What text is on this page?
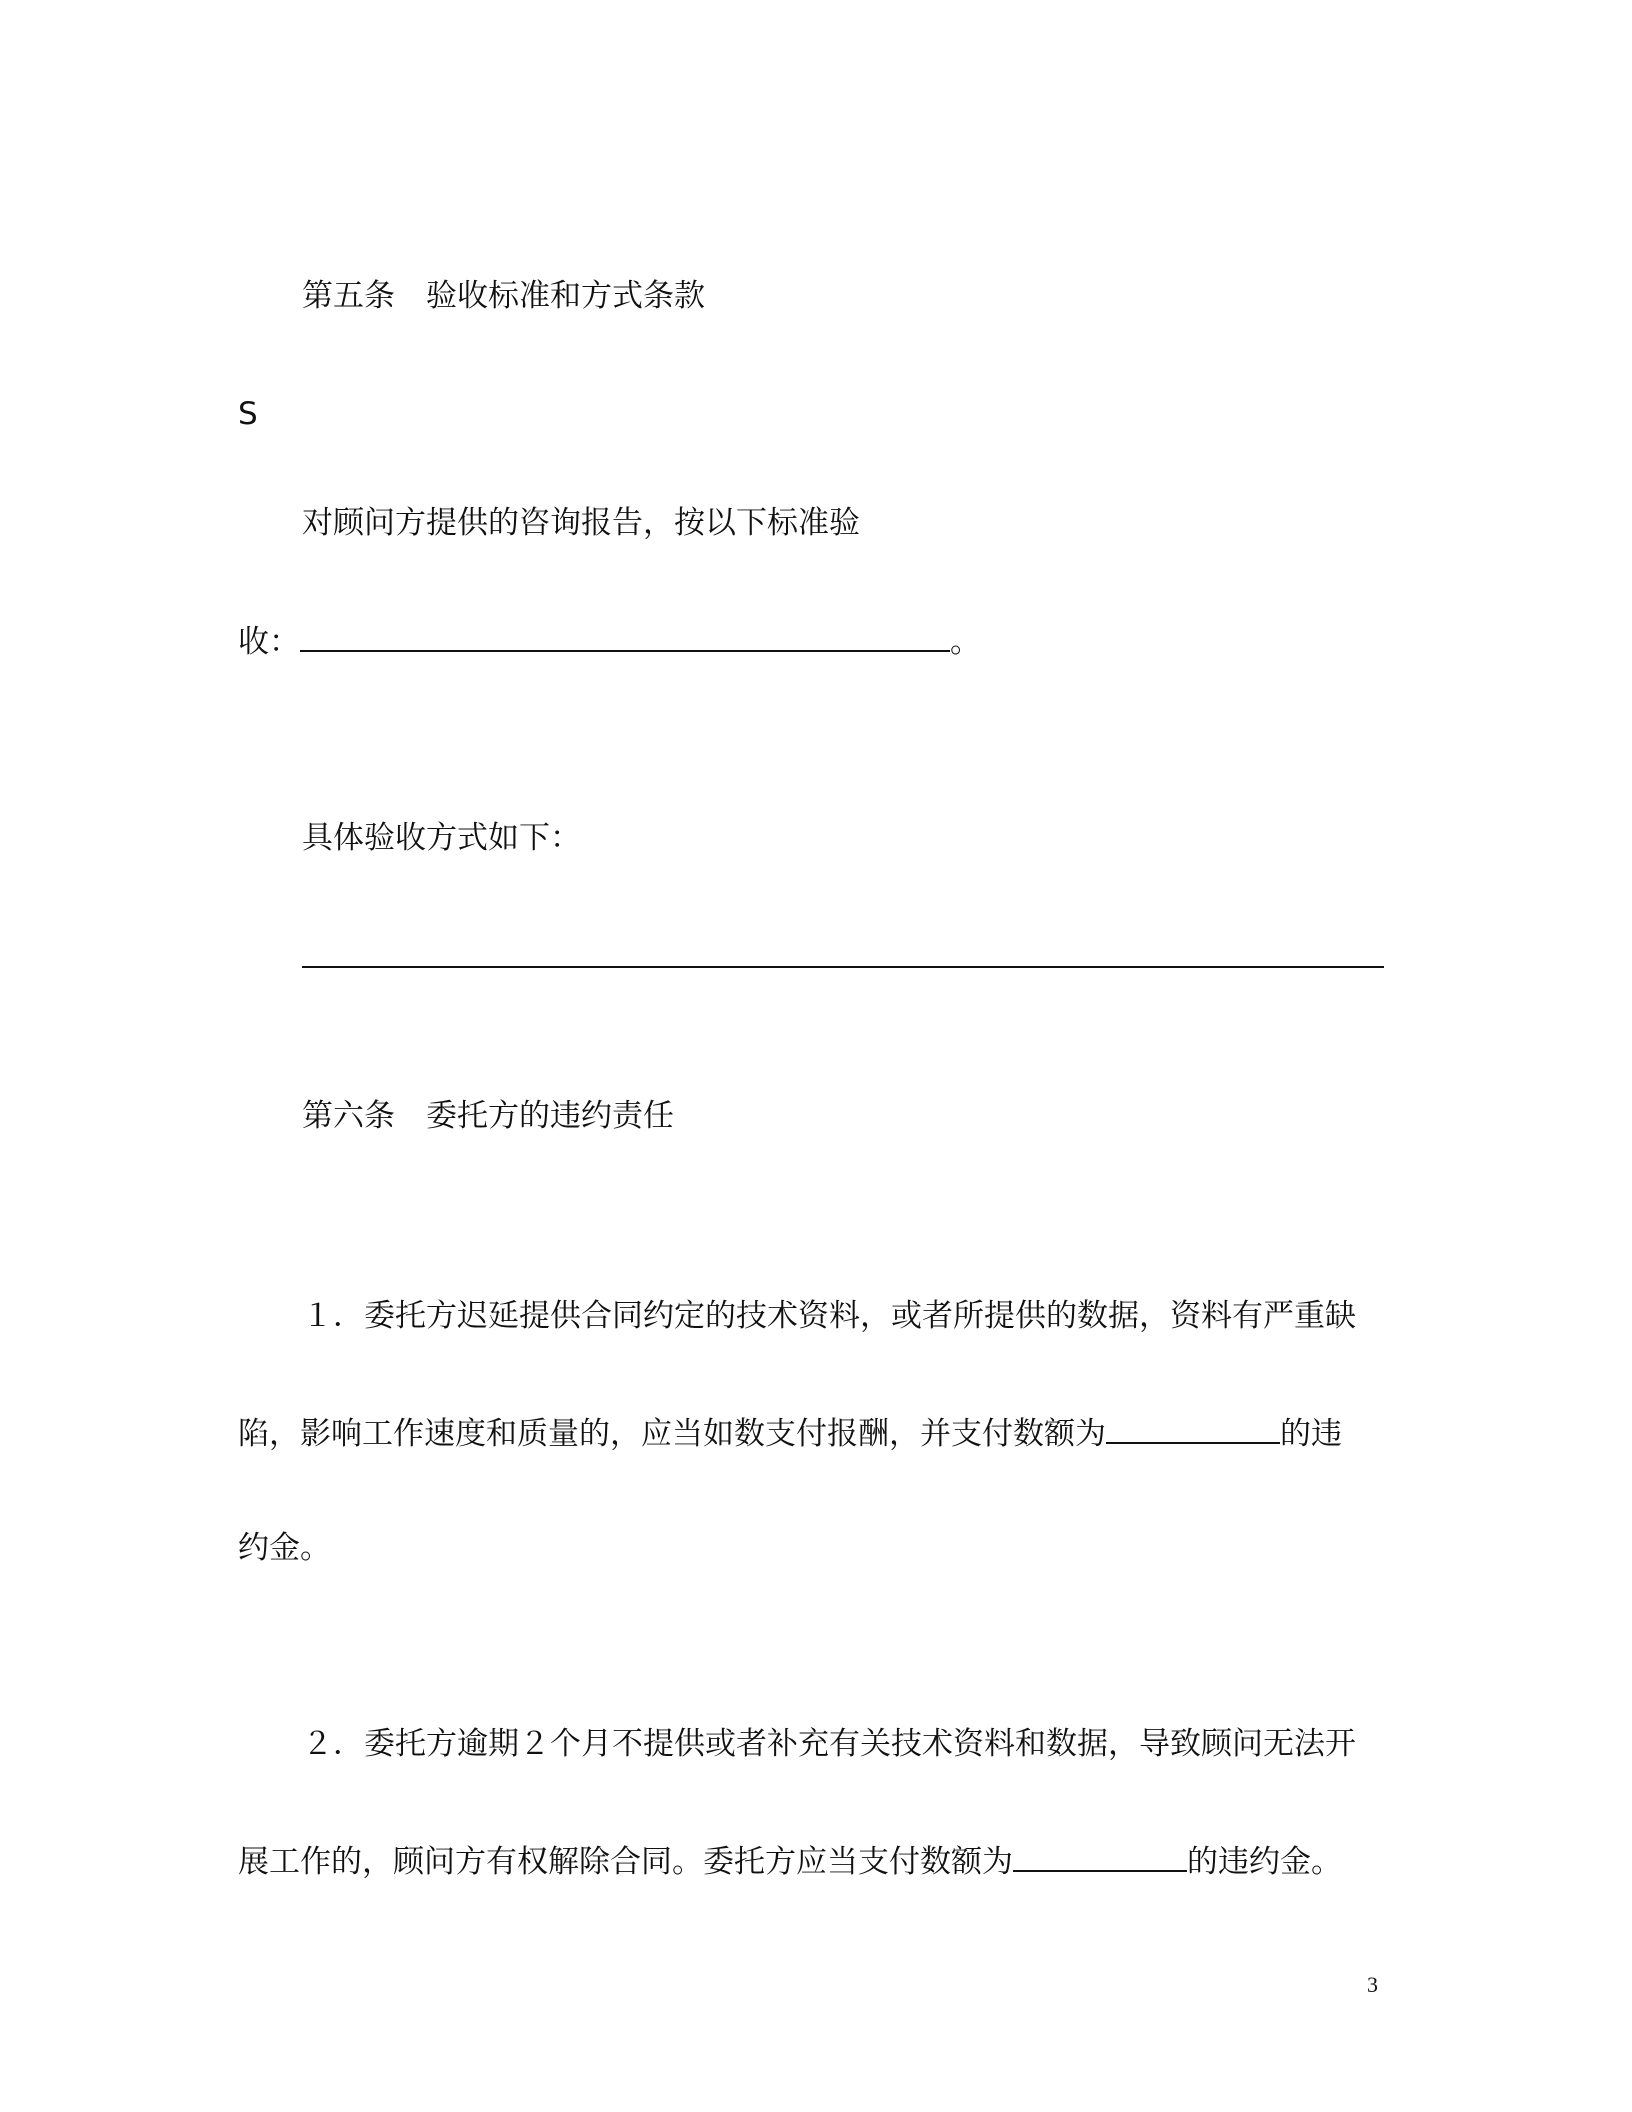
第五条　验收标准和方式条款
S
对顾问方提供的咨询报告，按以下标准验
收：	。
具体验收方式如下：
第六条　委托方的违约责任
１．委托方迟延提供合同约定的技术资料，或者所提供的数据，资料有严重缺
陷，影响工作速度和质量的，应当如数支付报酬，并支付数额为	的违
约金。
２．委托方逾期２个月不提供或者补充有关技术资料和数据，导致顾问无法开
展工作的，顾问方有权解除合同。委托方应当支付数额为	的违约金。
3
